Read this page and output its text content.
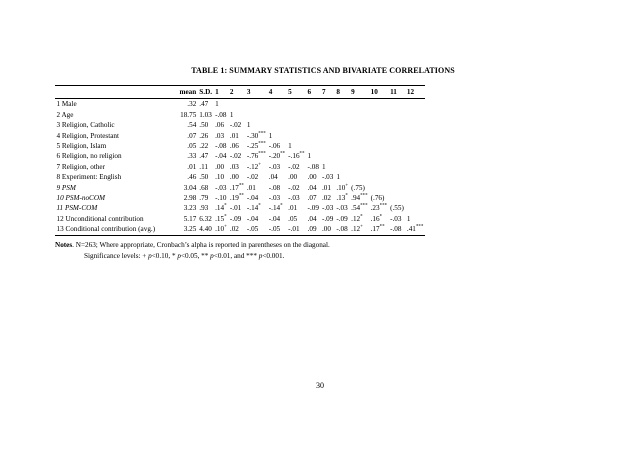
TABLE 1: SUMMARY STATISTICS AND BIVARIATE CORRELATIONS
	mean	S.D.	1	2	3	4	5	6	7	8	9	10	11	12
1 Male	.32	.47	1											
2 Age	18.75	1.03	-.08	1										
3 Religion, Catholic	.54	.50	.06	-.02	1									
4 Religion, Protestant	.07	.26	.03	.01	-.30***	1								
5 Religion, Islam	.05	.22	-.08	.06	-.25***	-.06	1							
6 Religion, no religion	.33	.47	-.04	-.02	-.76***	-.20**	-.16**	1						
7 Religion, other	.01	.11	.00	.03	-.12+	-.03	-.02	-.08	1					
8 Experiment: English	.46	.50	.10	.00	-.02	.04	.00	.00	-.03	1				
9 PSM	3.04	.68	-.03	.17**	.01	-.08	-.02	.04	.01	.10+	(.75)			
10 PSM-noCOM	2.98	.79	-.10	.19**	-.04	-.03	-.03	.07	.02	.13*	.94***	(.76)		
11 PSM-COM	3.23	.93	.14*	-.01	-.14*	-.14*	.01	-.09	-.03	-.03	.54***	.23***	(.55)	
12 Unconditional contribution	5.17	6.32	.15*	-.09	-.04	-.04	.05	.04	-.09	-.09	.12*	.16*	-.03	1
13 Conditional contribution (avg.)	3.25	4.40	.10+	.02	-.05	-.05	-.01	.09	.00	-.08	.12+	.17**	-.08	.41***
Notes. N=263; Where appropriate, Cronbach’s alpha is reported in parentheses on the diagonal.
Significance levels: + p<0.10, * p<0.05, ** p<0.01, and *** p<0.001.
30
